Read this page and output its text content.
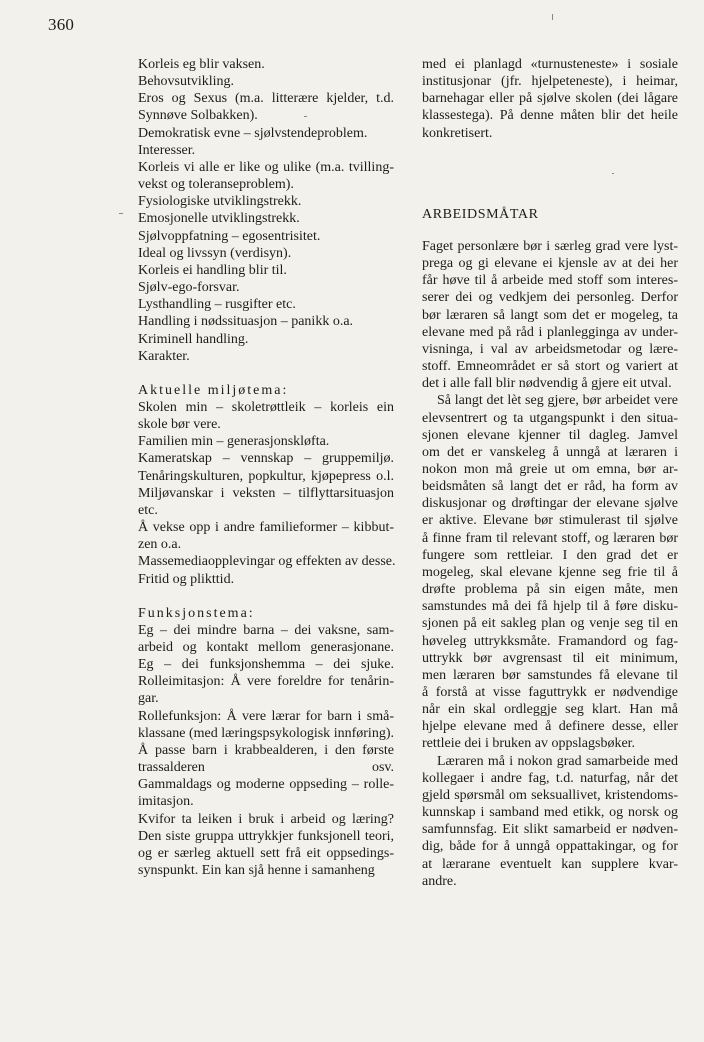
360
Korleis eg blir vaksen.
Behovsutvikling.
Eros og Sexus (m.a. litterære kjelder, t.d.
Synnøve Solbakken).
Demokratisk evne – sjølvstendeproblem.
Interesser.
Korleis vi alle er like og ulike (m.a. tvilling-
vekst og toleranseproblem).
Fysiologiske utviklingstrekk.
Emosjonelle utviklingstrekk.
Sjølvoppfatning – egosentrisitet.
Ideal og livssyn (verdisyn).
Korleis ei handling blir til.
Sjølv-ego-forsvar.
Lysthandling – rusgifter etc.
Handling i nødssituasjon – panikk o.a.
Kriminell handling.
Karakter.
Aktuelle miljøtema:
Skolen min – skoletrøttleik – korleis ein
skole bør vere.
Familien min – generasjonskløfta.
Kameratskap – vennskap – gruppemiljø.
Tenåringskulturen, popkultur, kjøpepress o.l.
Miljøvanskar i veksten – tilflyttarsituasjon
etc.
Å vekse opp i andre familieformer – kibbut-
zen o.a.
Massemediaopplevingar og effekten av desse.
Fritid og plikttid.
Funksjonstema:
Eg – dei mindre barna – dei vaksne, sam-
arbeid og kontakt mellom generasjonane.
Eg – dei funksjonshemma – dei sjuke.
Rolleimitasjon: Å vere foreldre for tenårin-
gar.
Rollefunksjon: Å vere lærar for barn i små-
klassane (med læringspsykologisk innføring).
Å passe barn i krabbealderen, i den første
trassalderen osv.
Gammaldags og moderne oppseding – rolle-
imitasjon.
Kvifor ta leiken i bruk i arbeid og læring?
Den siste gruppa uttrykkjer funksjonell teori,
og er særleg aktuell sett frå eit oppsedings-
synspunkt. Ein kan sjå henne i samanheng
med ei planlagd «turnusteneste» i sosiale
institusjonar (jfr. hjelpeteneste), i heimar,
barnehagar eller på sjølve skolen (dei lågare
klassestega). På denne måten blir det heile
konkretisert.
ARBEIDSMÅTAR
Faget personlære bør i særleg grad vere lyst-
prega og gi elevane ei kjensle av at dei her
får høve til å arbeide med stoff som interes-
serer dei og vedkjem dei personleg. Derfor
bør læraren så langt som det er mogeleg, ta
elevane med på råd i planlegginga av under-
visninga, i val av arbeidsmetodar og lære-
stoff. Emneområdet er så stort og variert at
det i alle fall blir nødvendig å gjere eit utval.
Så langt det lèt seg gjere, bør arbeidet vere
elevsentrert og ta utgangspunkt i den situa-
sjonen elevane kjenner til dagleg. Jamvel
om det er vanskeleg å unngå at læraren i
nokon mon må greie ut om emna, bør ar-
beidsmåten så langt det er råd, ha form av
diskusjonar og drøftingar der elevane sjølve
er aktive. Elevane bør stimulerast til sjølve
å finne fram til relevant stoff, og læraren bør
fungere som rettleiar. I den grad det er
mogeleg, skal elevane kjenne seg frie til å
drøfte problema på sin eigen måte, men
samstundes må dei få hjelp til å føre disku-
sjonen på eit sakleg plan og venje seg til en
høveleg uttrykksmåte. Framandord og fag-
uttrykk bør avgrensast til eit minimum,
men læraren bør samstundes få elevane til
å forstå at visse faguttrykk er nødvendige
når ein skal ordleggje seg klart. Han må
hjelpe elevane med å definere desse, eller
rettleie dei i bruken av oppslagsbøker.
Læraren må i nokon grad samarbeide med
kollegaer i andre fag, t.d. naturfag, når det
gjeld spørsmål om seksuallivet, kristendoms-
kunnskap i samband med etikk, og norsk og
samfunnsfag. Eit slikt samarbeid er nødven-
dig, både for å unngå oppattakingar, og for
at lærarane eventuelt kan supplere kvar-
andre.
